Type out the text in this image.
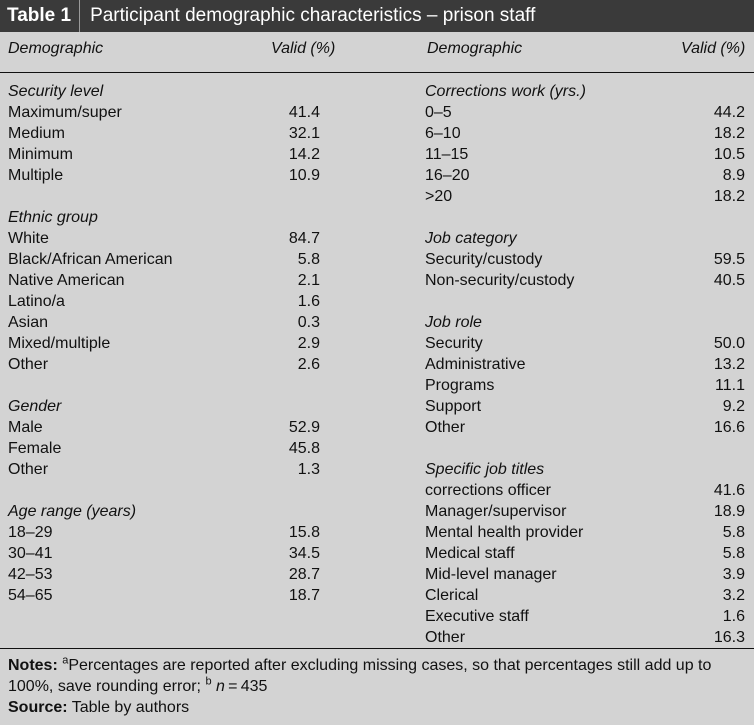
Table 1 Participant demographic characteristics – prison staff
Demographic	Valid (%)	Demographic	Valid (%)
Security level
Maximum/super	41.4
Medium	32.1
Minimum	14.2
Multiple	10.9
Ethnic group
White	84.7
Black/African American	5.8
Native American	2.1
Latino/a	1.6
Asian	0.3
Mixed/multiple	2.9
Other	2.6
Gender
Male	52.9
Female	45.8
Other	1.3
Age range (years)
18–29	15.8
30–41	34.5
42–53	28.7
54–65	18.7
Corrections work (yrs.)
0–5	44.2
6–10	18.2
11–15	10.5
16–20	8.9
>20	18.2
Job category
Security/custody	59.5
Non-security/custody	40.5
Job role
Security	50.0
Administrative	13.2
Programs	11.1
Support	9.2
Other	16.6
Specific job titles
corrections officer	41.6
Manager/supervisor	18.9
Mental health provider	5.8
Medical staff	5.8
Mid-level manager	3.9
Clerical	3.2
Executive staff	1.6
Other	16.3
Notes: $^a$Percentages are reported after excluding missing cases, so that percentages still add up to 100%, save rounding error; $^b$ n = 435
Source: Table by authors
